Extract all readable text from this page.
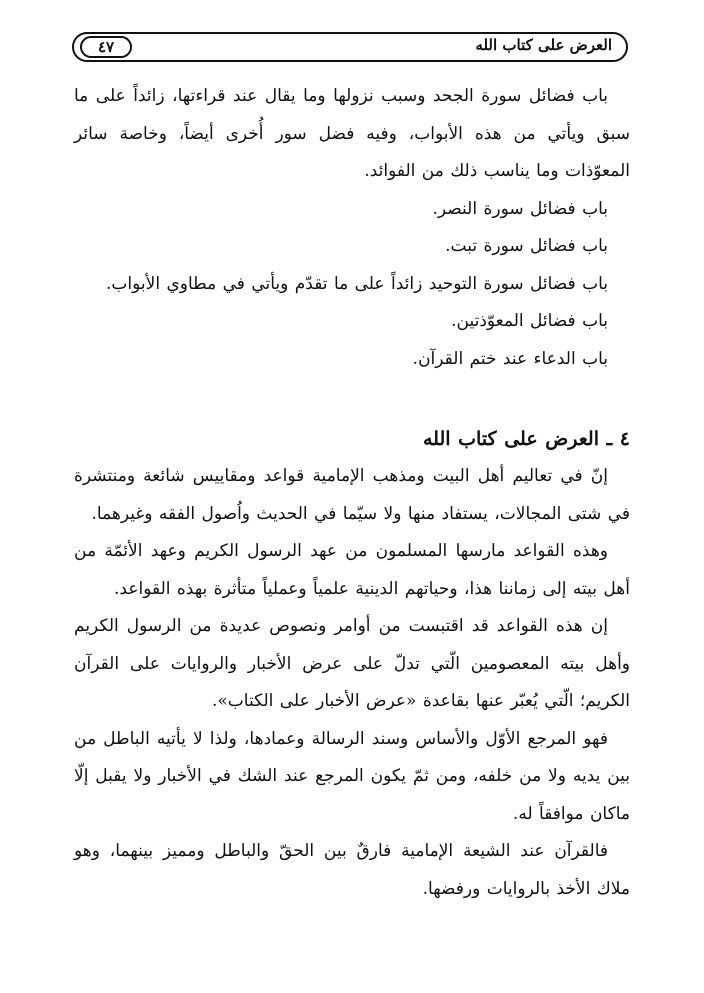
العرض على كتاب الله
٤٧

باب فضائل سورة الجحد وسبب نزولها وما يقال عند قراءتها، زائداً على ما سبق ويأتي من هذه الأبواب، وفيه فضل سور أُخرى أيضاً، وخاصة سائر المعوّذات وما يناسب ذلك من الفوائد.

باب فضائل سورة النصر.
باب فضائل سورة تبت.
باب فضائل سورة التوحيد زائداً على ما تقدّم ويأتي في مطاوي الأبواب.
باب فضائل المعوّذتين.
باب الدعاء عند ختم القرآن.
٤ ـ العرض على كتاب الله

إنّ في تعاليم أهل البيت ومذهب الإمامية قواعد ومقاييس شائعة ومنتشرة في شتى المجالات، يستفاد منها ولا سيّما في الحديث واُصول الفقه وغيرهما.

وهذه القواعد مارسها المسلمون من عهد الرسول الكريم وعهد الأئمّة من أهل بيته إلى زماننا هذا، وحياتهم الدينية علمياً وعملياً متأثرة بهذه القواعد.

إن هذه القواعد قد اقتبست من أوامر ونصوص عديدة من الرسول الكريم وأهل بيته المعصومين الّتي تدلّ على عرض الأخبار والروايات على القرآن الكريم؛ الّتي يُعبّر عنها بقاعدة «عرض الأخبار على الكتاب».

فهو المرجع الأوّل والأساس وسند الرسالة وعمادها، ولذا لا يأتيه الباطل من بين يديه ولا من خلفه، ومن ثمّ يكون المرجع عند الشك في الأخبار ولا يقبل إلّا ماكان موافقاً له.

فالقرآن عند الشيعة الإمامية فارقٌ بين الحقّ والباطل ومميز بينهما، وهو ملاك الأخذ بالروايات ورفضها.
